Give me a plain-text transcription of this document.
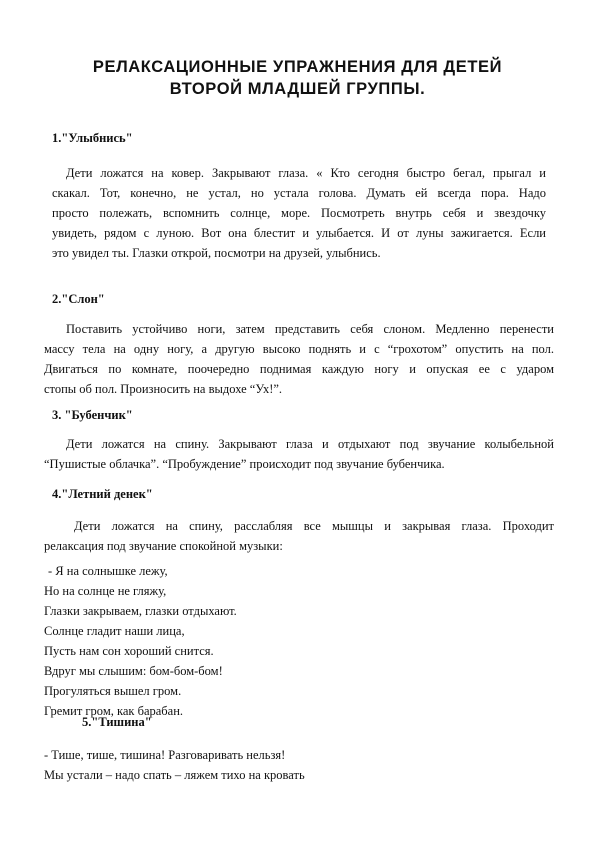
РЕЛАКСАЦИОННЫЕ УПРАЖНЕНИЯ ДЛЯ ДЕТЕЙ
ВТОРОЙ МЛАДШЕЙ ГРУППЫ.
1."Улыбнись"
Дети ложатся на ковер. Закрывают глаза. « Кто сегодня быстро бегал, прыгал и
скакал. Тот, конечно, не устал, но устала голова. Думать ей всегда пора. Надо
просто полежать, вспомнить солнце, море. Посмотреть внутрь себя и звездочку
увидеть, рядом с луною. Вот она блестит и улыбается. И от луны зажигается. Если
это увидел ты. Глазки открой, посмотри на друзей, улыбнись.
2."Слон"
Поставить устойчиво ноги, затем представить себя слоном. Медленно перенести
массу тела на одну ногу, а другую высоко поднять и с “грохотом” опустить на пол.
Двигаться по комнате, поочередно поднимая каждую ногу и опуская ее с ударом
стопы об пол. Произносить на выдохе “Ух!”.
3. "Бубенчик"
Дети ложатся на спину. Закрывают глаза и отдыхают под звучание колыбельной
“Пушистые облачка”. “Пробуждение” происходит под звучание бубенчика.
4."Летний денек"
Дети ложатся на спину, расслабляя все мышцы и закрывая глаза. Проходит
релаксация под звучание спокойной музыки:
- Я на солнышке лежу,
Но на солнце не гляжу,
Глазки закрываем, глазки отдыхают.
Солнце гладит наши лица,
Пусть нам сон хороший снится.
Вдруг мы слышим: бом-бом-бом!
Прогуляться вышел гром.
Гремит гром, как барабан.
5."Тишина"
- Тише, тише, тишина! Разговаривать нельзя!
Мы устали – надо спать – ляжем тихо на кровать
